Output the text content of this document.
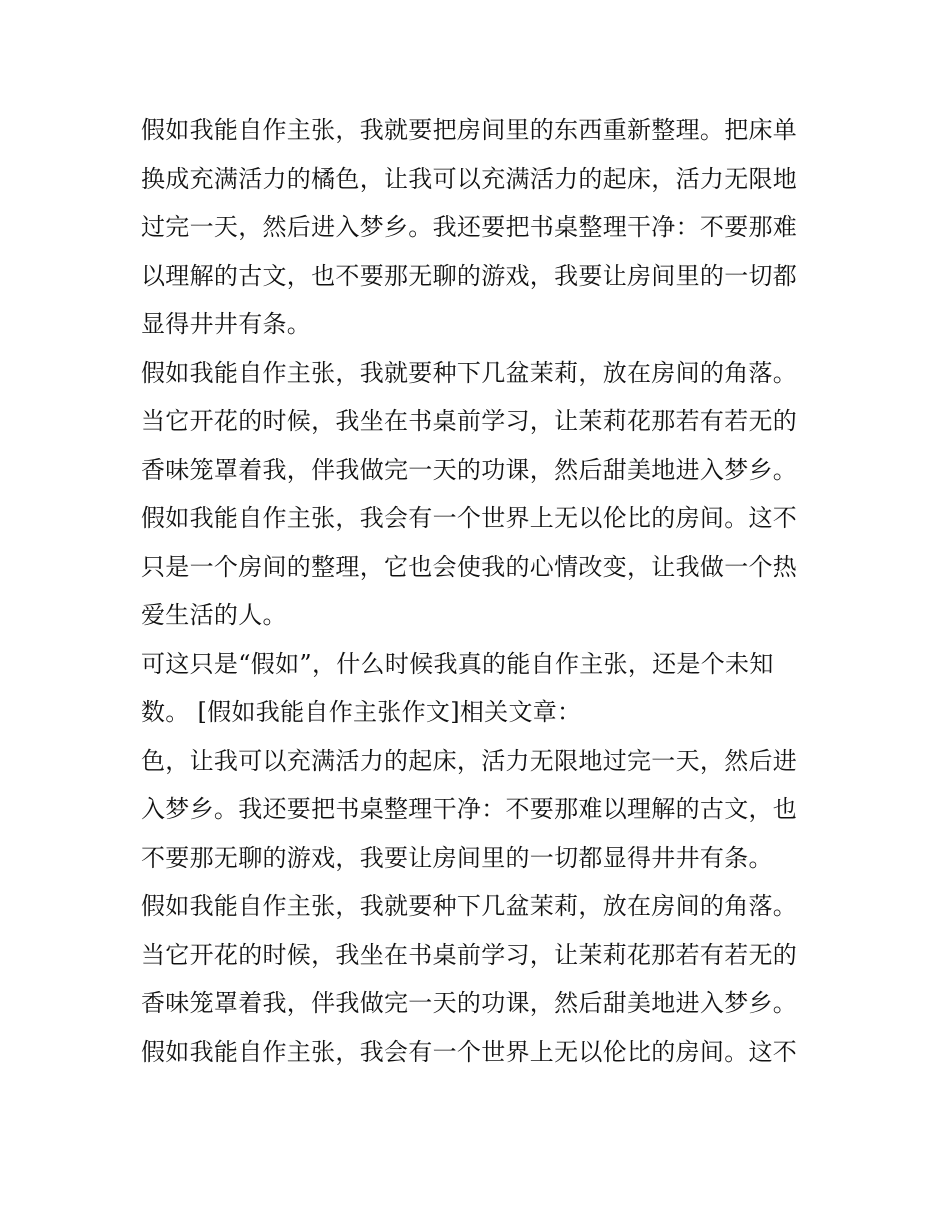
假如我能自作主张，我就要把房间里的东西重新整理。把床单
换成充满活力的橘色，让我可以充满活力的起床，活力无限地
过完一天，然后进入梦乡。我还要把书桌整理干净：不要那难
以理解的古文，也不要那无聊的游戏，我要让房间里的一切都
显得井井有条。
假如我能自作主张，我就要种下几盆茉莉，放在房间的角落。
当它开花的时候，我坐在书桌前学习，让茉莉花那若有若无的
香味笼罩着我，伴我做完一天的功课，然后甜美地进入梦乡。
假如我能自作主张，我会有一个世界上无以伦比的房间。这不
只是一个房间的整理，它也会使我的心情改变，让我做一个热
爱生活的人。
可这只是“假如”，什么时候我真的能自作主张，还是个未知
数。 [假如我能自作主张作文]相关文章：
色，让我可以充满活力的起床，活力无限地过完一天，然后进
入梦乡。我还要把书桌整理干净：不要那难以理解的古文，也
不要那无聊的游戏，我要让房间里的一切都显得井井有条。
假如我能自作主张，我就要种下几盆茉莉，放在房间的角落。
当它开花的时候，我坐在书桌前学习，让茉莉花那若有若无的
香味笼罩着我，伴我做完一天的功课，然后甜美地进入梦乡。
假如我能自作主张，我会有一个世界上无以伦比的房间。这不
